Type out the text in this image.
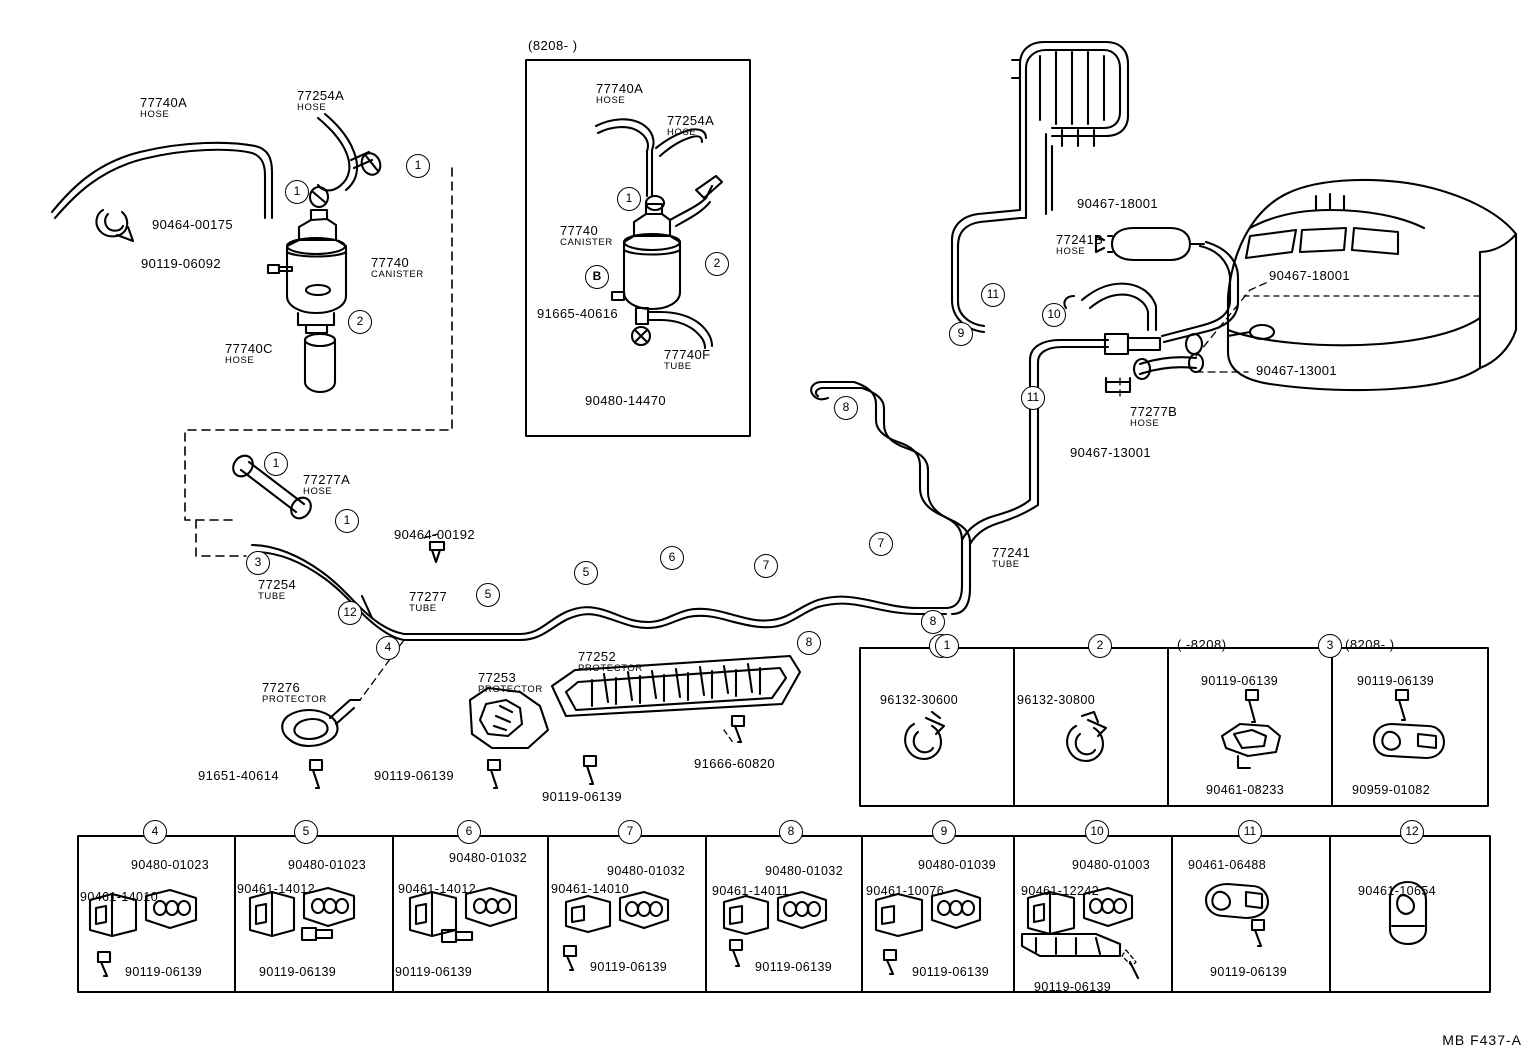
77740A
HOSE
77254A
HOSE
90464-00175
90119-06092	77740
CANISTER
77740C
HOSE
77277A
HOSE
90464-00192
77254
TUBE	77277
TUBE
77252
PROTECTOR
77253
PROTECTOR
77276
PROTECTOR
91651-40614	90119-06139
90119-06139
91666-60820
77241
TUBE
90467-18001
77241B
HOSE
90467-18001
90467-13001
77277B
HOSE
90467-13001
1
1
2
1
1
3
12
4
5
5
6
7
8
8
7
8
9
11
10
11
(8208- )
77740A
HOSE
77254A
HOSE
77740
CANISTER
91665-40616
77740F
TUBE
90480-14470
1
2
B
1
96132-30600
2
96132-30800
3
( -8208)
90119-06139
90461-08233
(8208- )
90119-06139
90959-01082
4
90480-01023
90461-14010
90119-06139
5
90480-01023
90461-14012
90119-06139
6
90480-01032
90461-14012
90119-06139
7
90480-01032
90461-14010
90119-06139
8
90480-01032
90461-14011
90119-06139
9
90480-01039
90461-10076
90119-06139
10
90480-01003
90461-12242
90119-06139
11
90461-06488
90119-06139
12
90461-10654
MB F437-A
